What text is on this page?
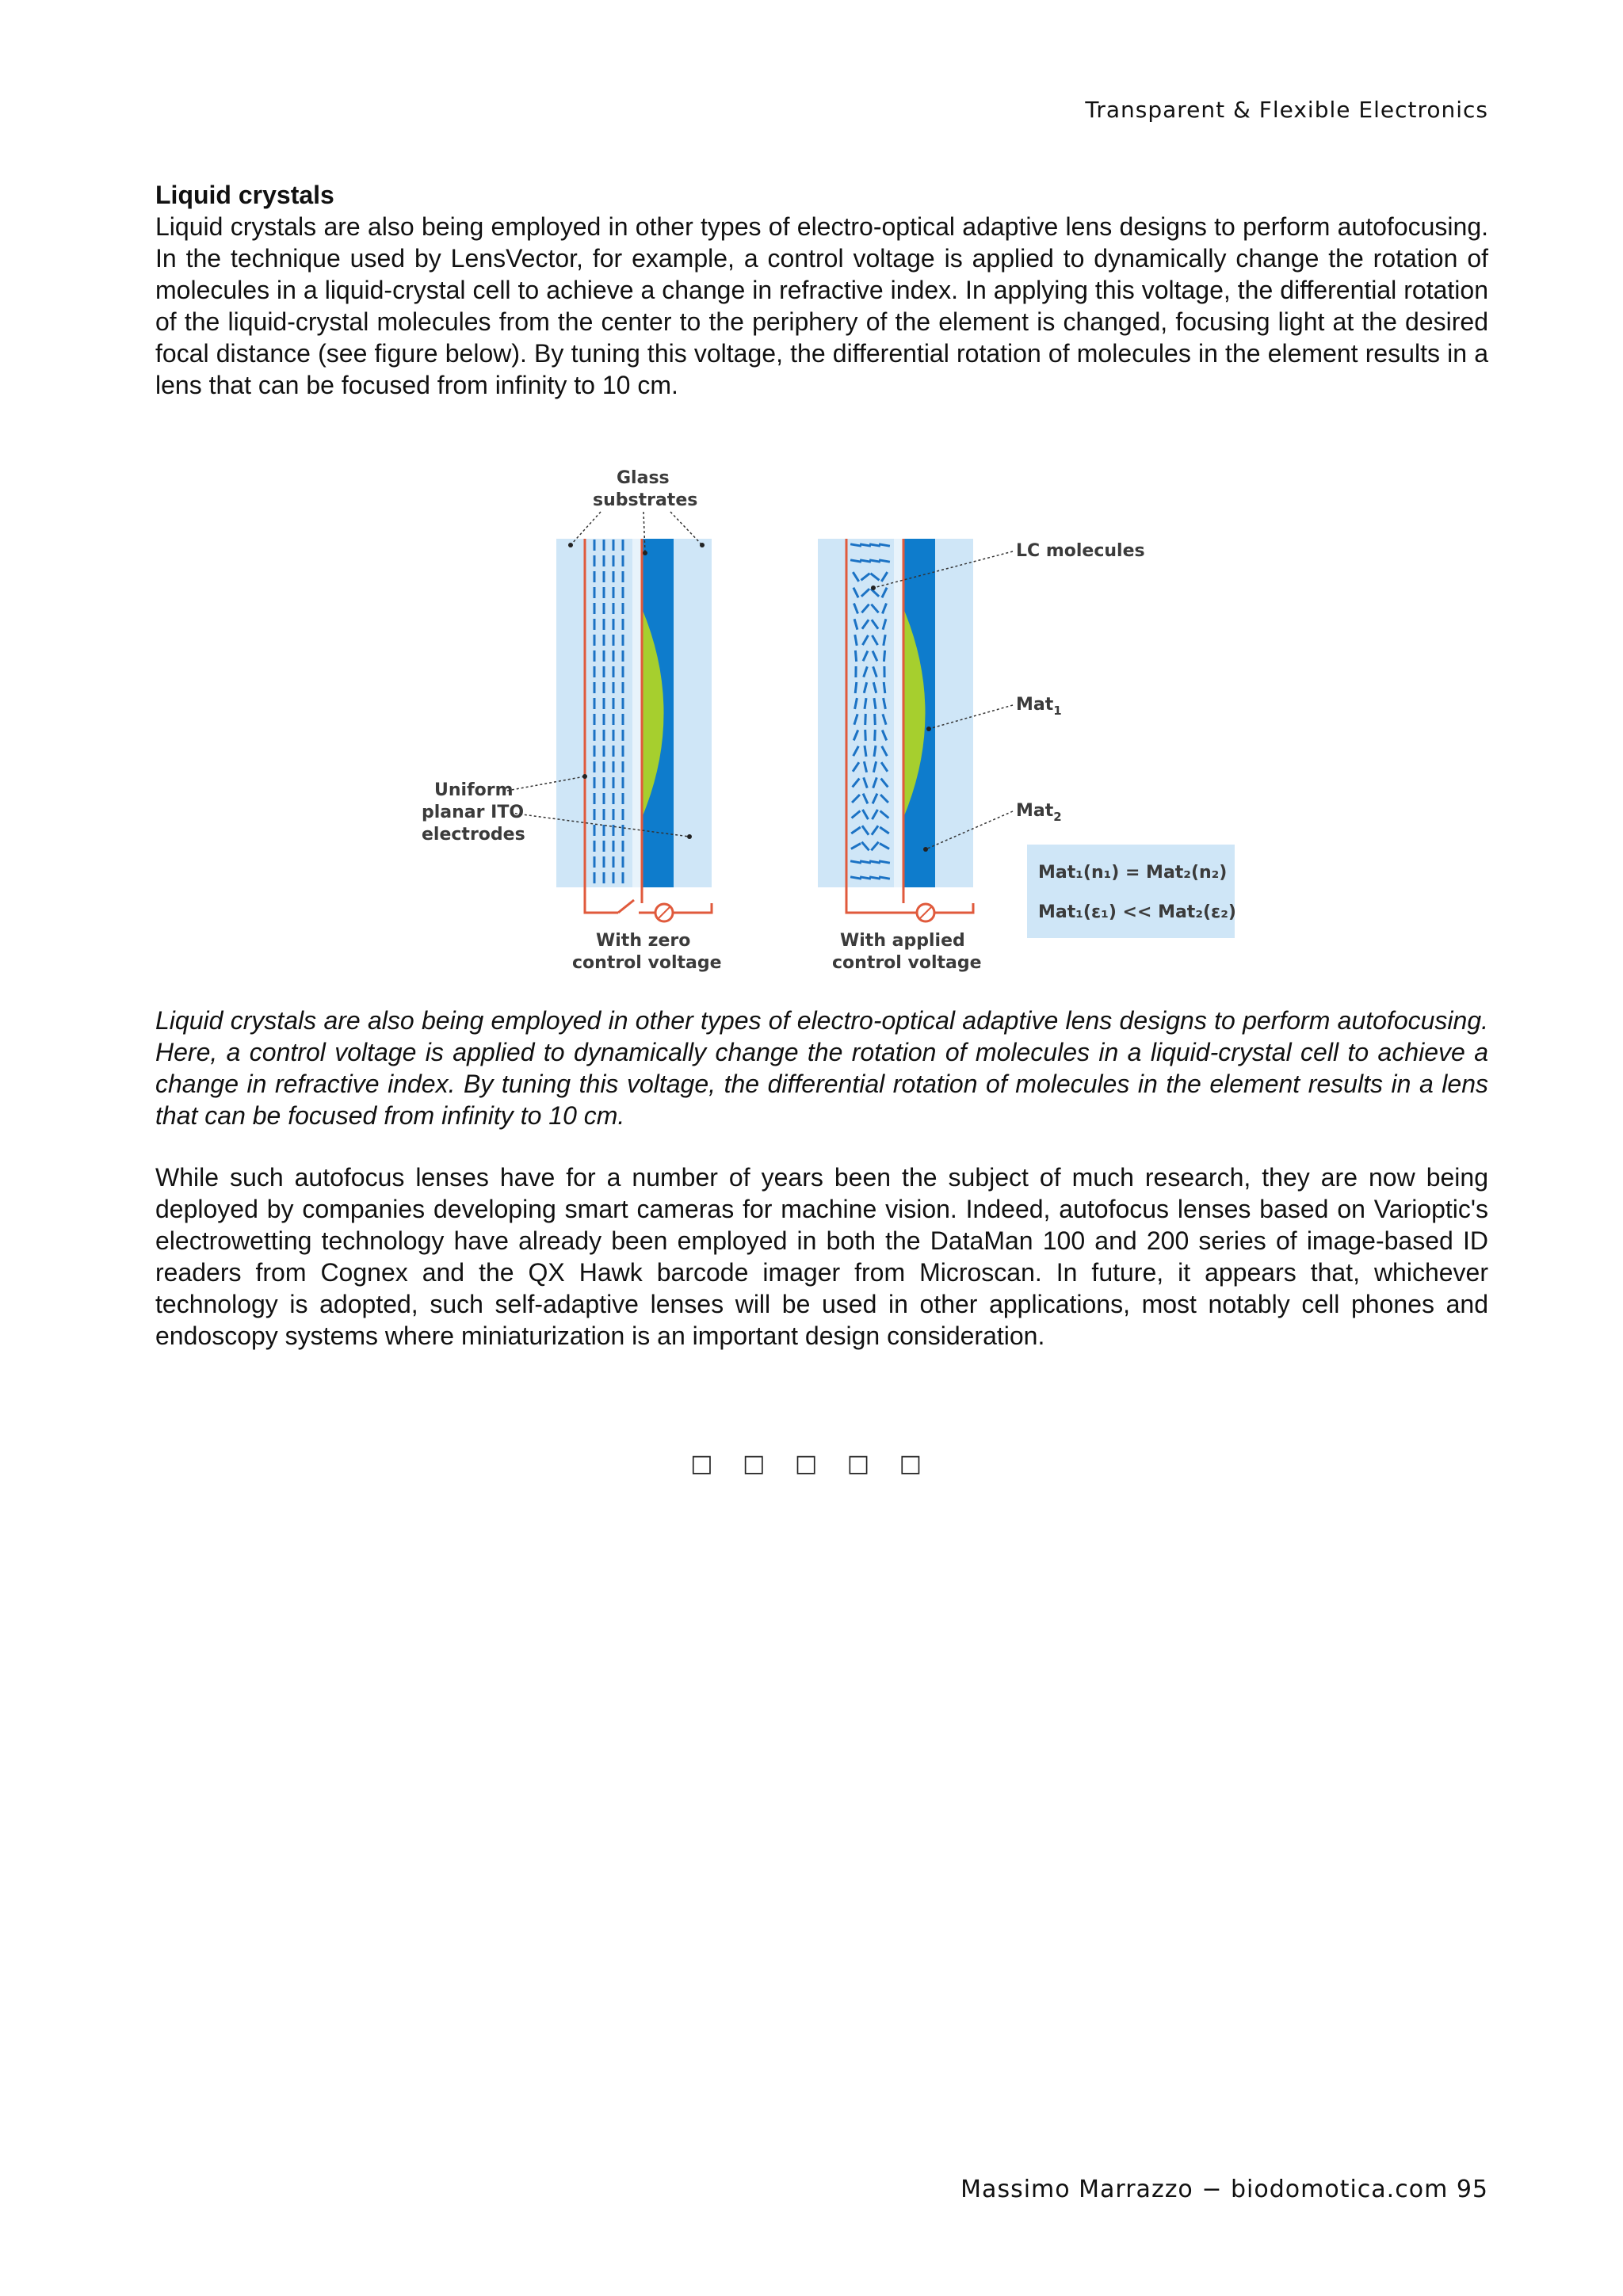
Transparent & Flexible Electronics
Liquid crystals
Liquid crystals are also being employed in other types of electro-optical adaptive lens designs to perform autofocusing. In the technique used by LensVector, for example, a control voltage is applied to dynamically change the rotation of molecules in a liquid-crystal cell to achieve a change in refractive index. In applying this voltage, the differential rotation of the liquid-crystal molecules from the center to the periphery of the element is changed, focusing light at the desired focal distance (see figure below). By tuning this voltage, the differential rotation of molecules in the element results in a lens that can be focused from infinity to 10 cm.
Mat₁(n₁) = Mat₂(n₂)
Mat₁(ε₁) << Mat₂(ε₂)
Glass
substrates
LC molecules
Mat$_1$
Mat$_2$
Uniform
planar ITO
electrodes
With zero
control voltage
With applied
control voltage
Liquid crystals are also being employed in other types of electro-optical adaptive lens designs to perform autofocusing. Here, a control voltage is applied to dynamically change the rotation of molecules in a liquid-crystal cell to achieve a change in refractive index. By tuning this voltage, the differential rotation of molecules in the element results in a lens that can be focused from infinity to 10 cm.
While such autofocus lenses have for a number of years been the subject of much research, they are now being deployed by companies developing smart cameras for machine vision. Indeed, autofocus lenses based on Varioptic's electrowetting technology have already been employed in both the DataMan 100 and 200 series of image-based ID readers from Cognex and the QX Hawk barcode imager from Microscan. In future, it appears that, whichever technology is adopted, such self-adaptive lenses will be used in other applications, most notably cell phones and endoscopy systems where miniaturization is an important design consideration.
□ □ □ □ □
Massimo Marrazzo − biodomotica.com 95
